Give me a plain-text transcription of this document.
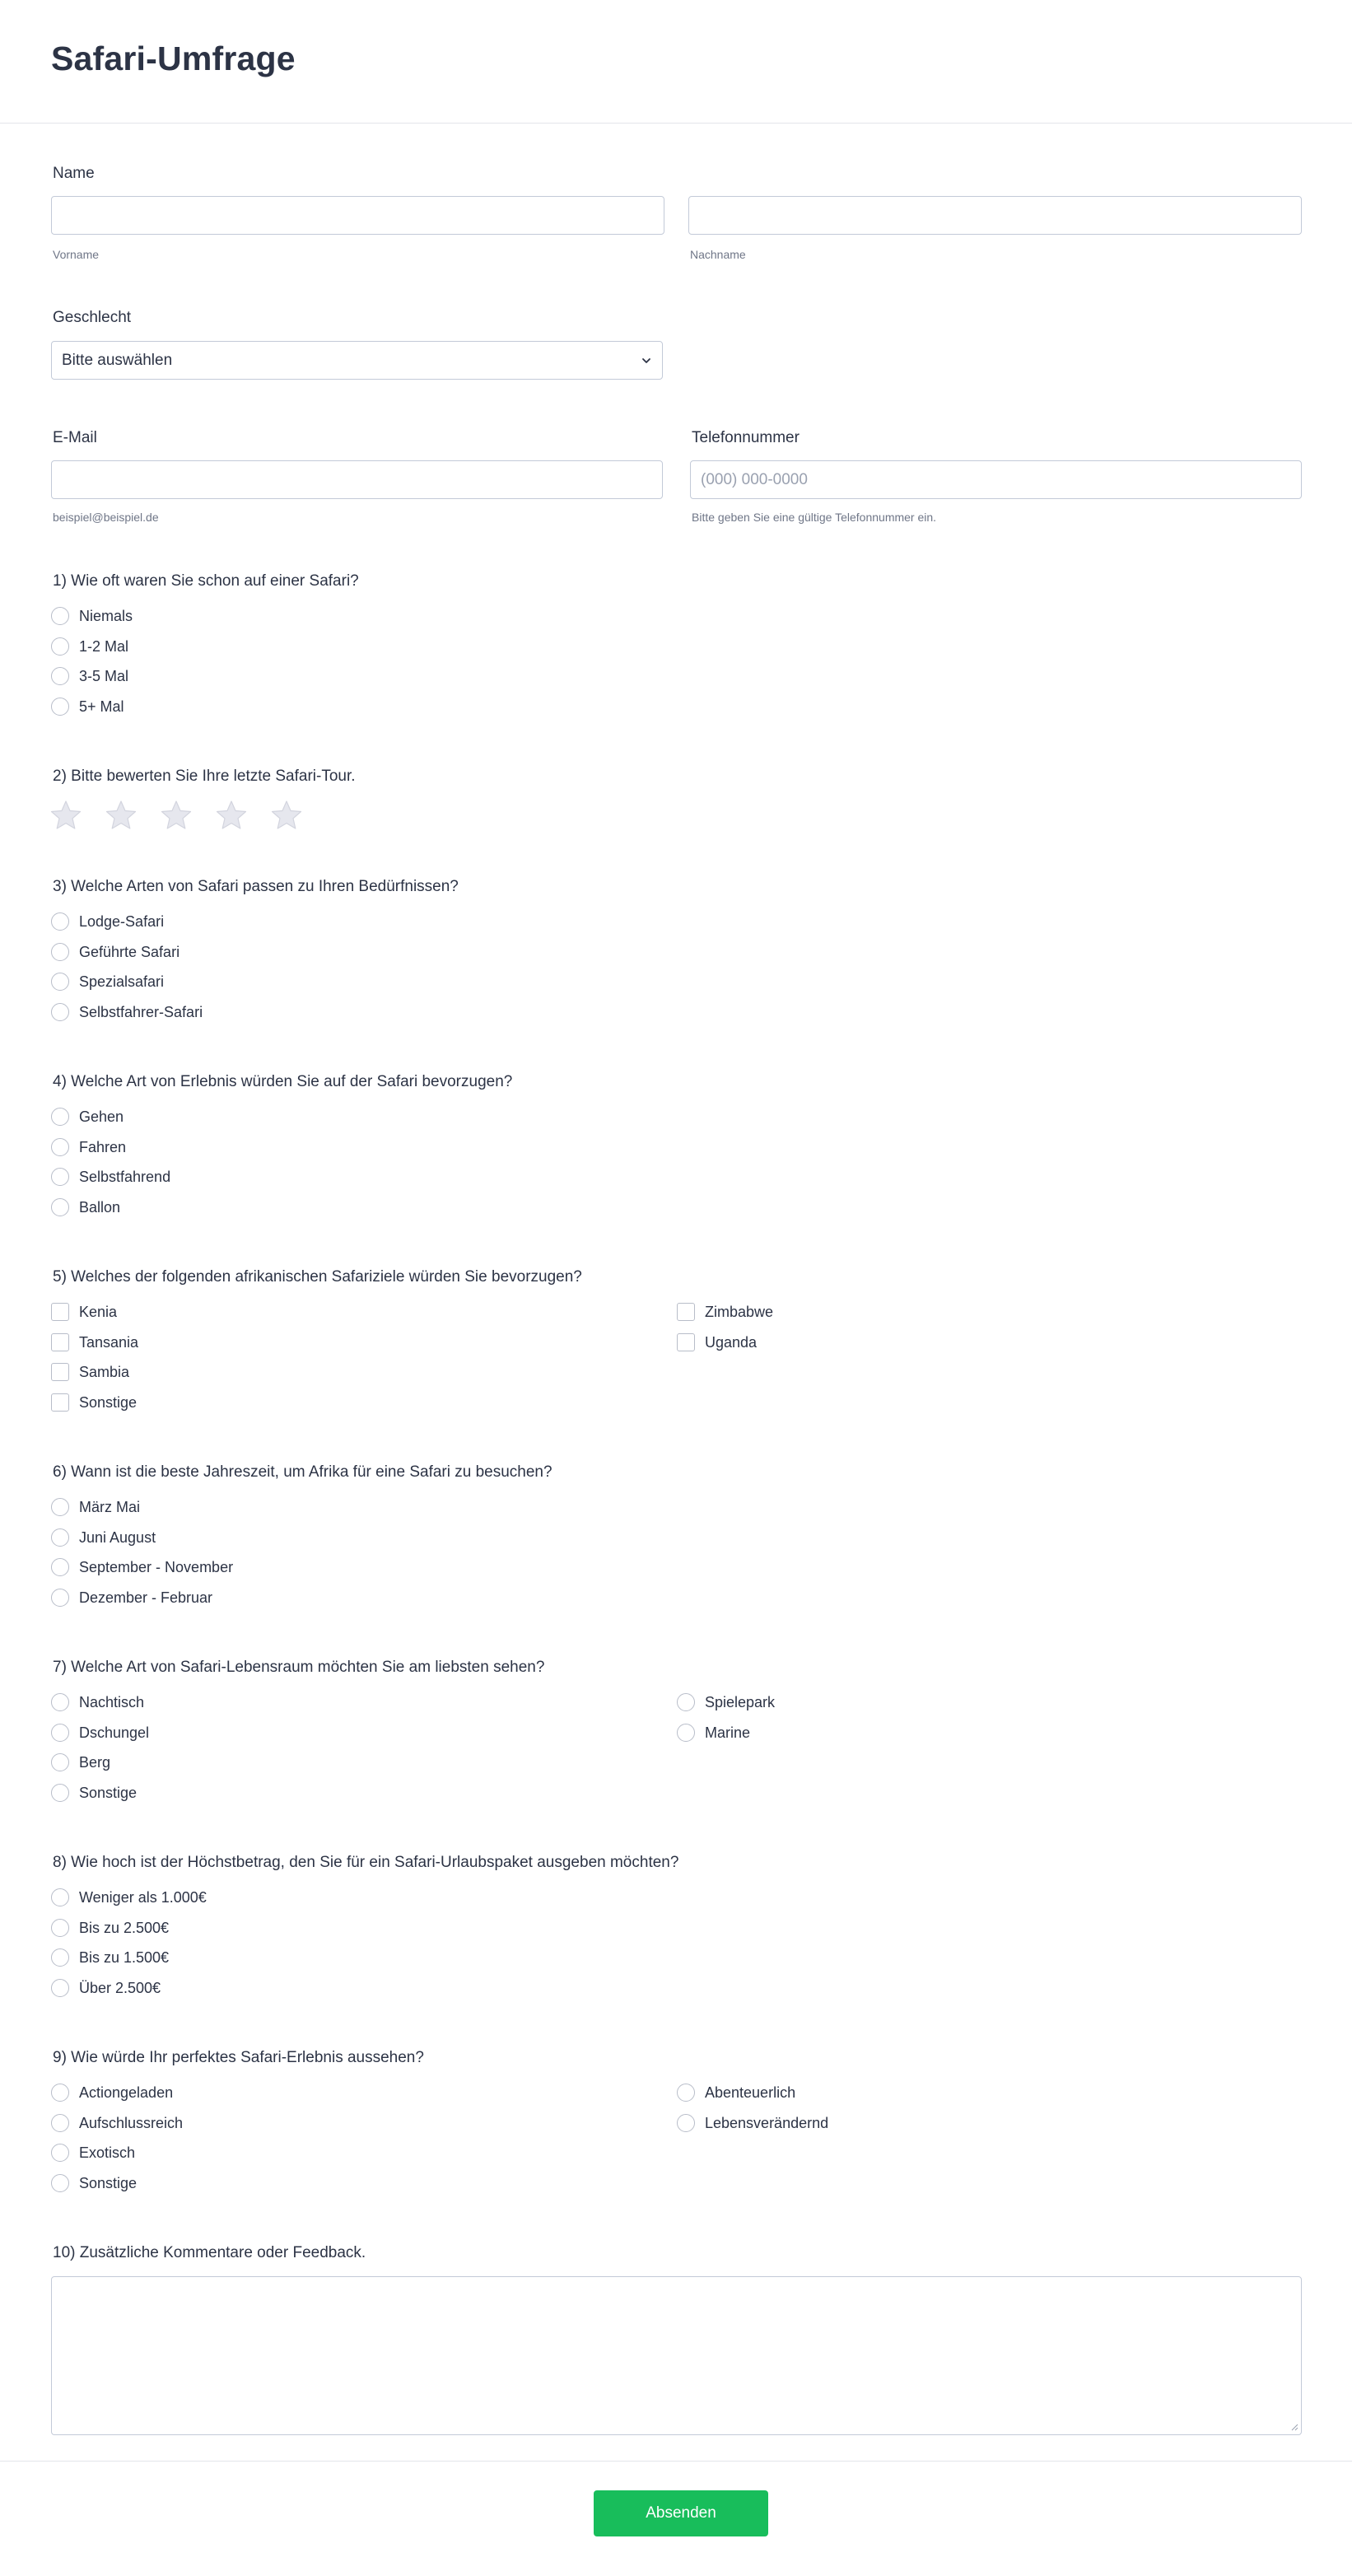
Safari-Umfrage
Name
Vorname	Nachname
Geschlecht
Bitte auswählen
E-Mail	Telefonnummer
(000) 000-0000
beispiel@beispiel.de	Bitte geben Sie eine gültige Telefonnummer ein.
1) Wie oft waren Sie schon auf einer Safari?
Niemals
1-2 Mal
3-5 Mal
5+ Mal
2) Bitte bewerten Sie Ihre letzte Safari-Tour.
3) Welche Arten von Safari passen zu Ihren Bedürfnissen?
Lodge-Safari
Geführte Safari
Spezialsafari
Selbstfahrer-Safari
4) Welche Art von Erlebnis würden Sie auf der Safari bevorzugen?
Gehen
Fahren
Selbstfahrend
Ballon
5) Welches der folgenden afrikanischen Safariziele würden Sie bevorzugen?
Kenia
Tansania
Sambia
Sonstige
Zimbabwe
Uganda
6) Wann ist die beste Jahreszeit, um Afrika für eine Safari zu besuchen?
März Mai
Juni August
September - November
Dezember - Februar
7) Welche Art von Safari-Lebensraum möchten Sie am liebsten sehen?
Nachtisch
Dschungel
Berg
Sonstige
Spielepark
Marine
8) Wie hoch ist der Höchstbetrag, den Sie für ein Safari-Urlaubspaket ausgeben möchten?
Weniger als 1.000€
Bis zu 2.500€
Bis zu 1.500€
Über 2.500€
9) Wie würde Ihr perfektes Safari-Erlebnis aussehen?
Actiongeladen
Aufschlussreich
Exotisch
Sonstige
Abenteuerlich
Lebensverändernd
10) Zusätzliche Kommentare oder Feedback.
Absenden
